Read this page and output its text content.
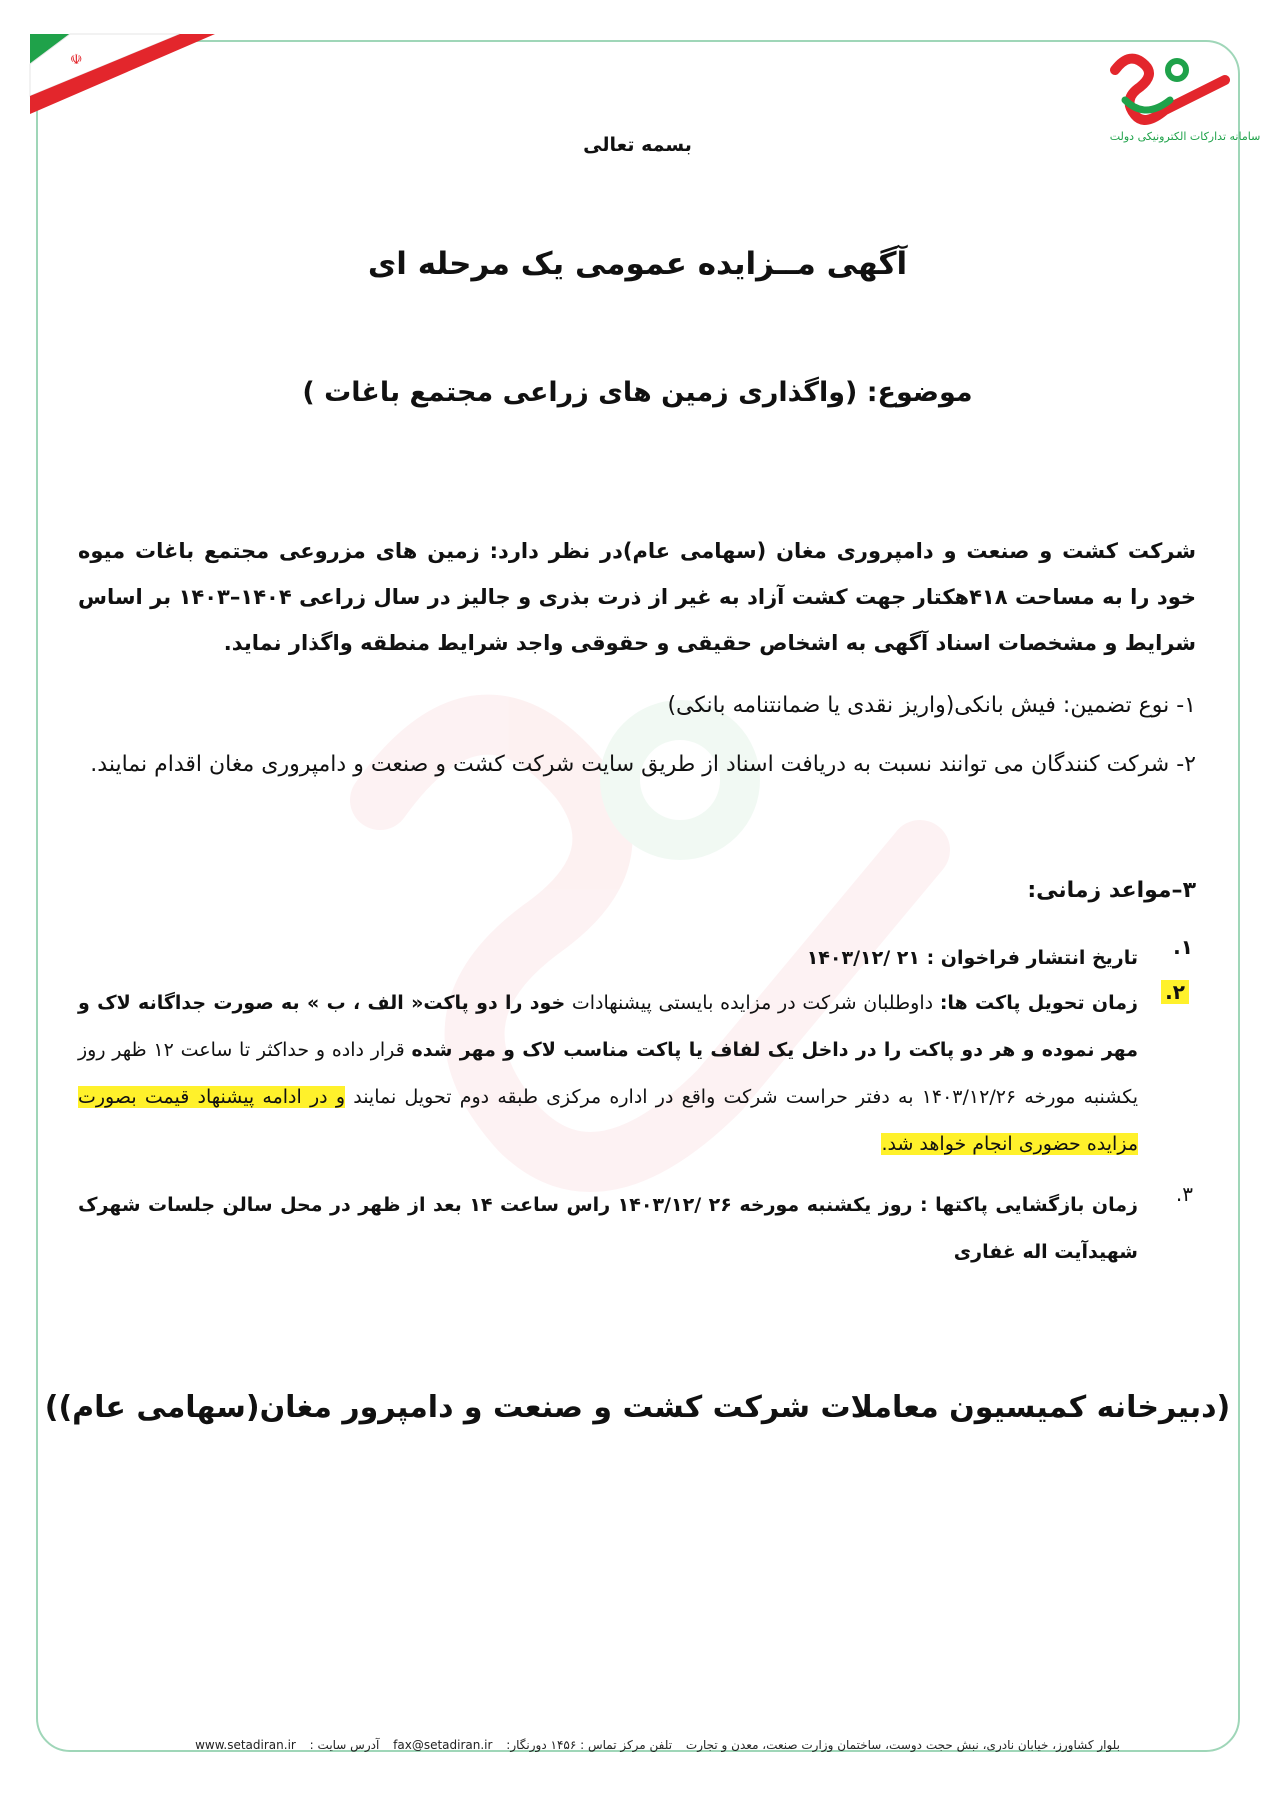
☫
سامانه تدارکات الکترونیکی دولت
بسمه تعالی
آگهی مــزایده عمومی یک مرحله ای
موضوع: (واگذاری زمین های زراعی مجتمع باغات )
شرکت کشت و صنعت و دامپروری مغان (سهامی عام)در نظر دارد: زمین های مزروعی مجتمع باغات میوه خود را به مساحت ۴۱۸هکتار جهت کشت آزاد به غیر از ذرت بذری و جالیز در سال زراعی ۱۴۰۴–۱۴۰۳ بر اساس شرایط و مشخصات اسناد آگهی به اشخاص حقیقی و حقوقی واجد شرایط منطقه واگذار نماید.
۱- نوع تضمین: فیش بانکی(واریز نقدی یا ضمانتنامه بانکی)
۲- شرکت کنندگان می توانند نسبت به دریافت اسناد از طریق سایت شرکت کشت و صنعت و دامپروری مغان اقدام نمایند.
۳–مواعد زمانی:
۱.
تاریخ انتشار فراخوان : ۲۱ /۱۴۰۳/۱۲
۲.
زمان تحویل پاکت ها: داوطلبان شرکت در مزایده بایستی پیشنهادات خود را دو پاکت« الف ، ب » به صورت جداگانه لاک و مهر نموده و هر دو پاکت را در داخل یک لفاف یا پاکت مناسب لاک و مهر شده قرار داده و حداکثر تا ساعت ۱۲ ظهر روز یکشنبه مورخه ۱۴۰۳/۱۲/۲۶ به دفتر حراست شرکت واقع در اداره مرکزی طبقه دوم تحویل نمایند و در ادامه پیشنهاد قیمت بصورت مزایده حضوری انجام خواهد شد.
۳.
زمان بازگشایی پاکتها : روز یکشنبه مورخه ۲۶ /۱۴۰۳/۱۲ راس ساعت ۱۴ بعد از ظهر در محل سالن جلسات شهرک شهیدآیت اله غفاری
(دبیرخانه کمیسیون معاملات شرکت کشت و صنعت و دامپرور مغان(سهامی عام))
بلوار کشاورز، خیابان نادری، نبش حجت دوست، ساختمان وزارت صنعت، معدن و تجارت تلفن مرکز تماس : ۱۴۵۶ دورنگار: fax@setadiran.ir آدرس سایت : www.setadiran.ir
